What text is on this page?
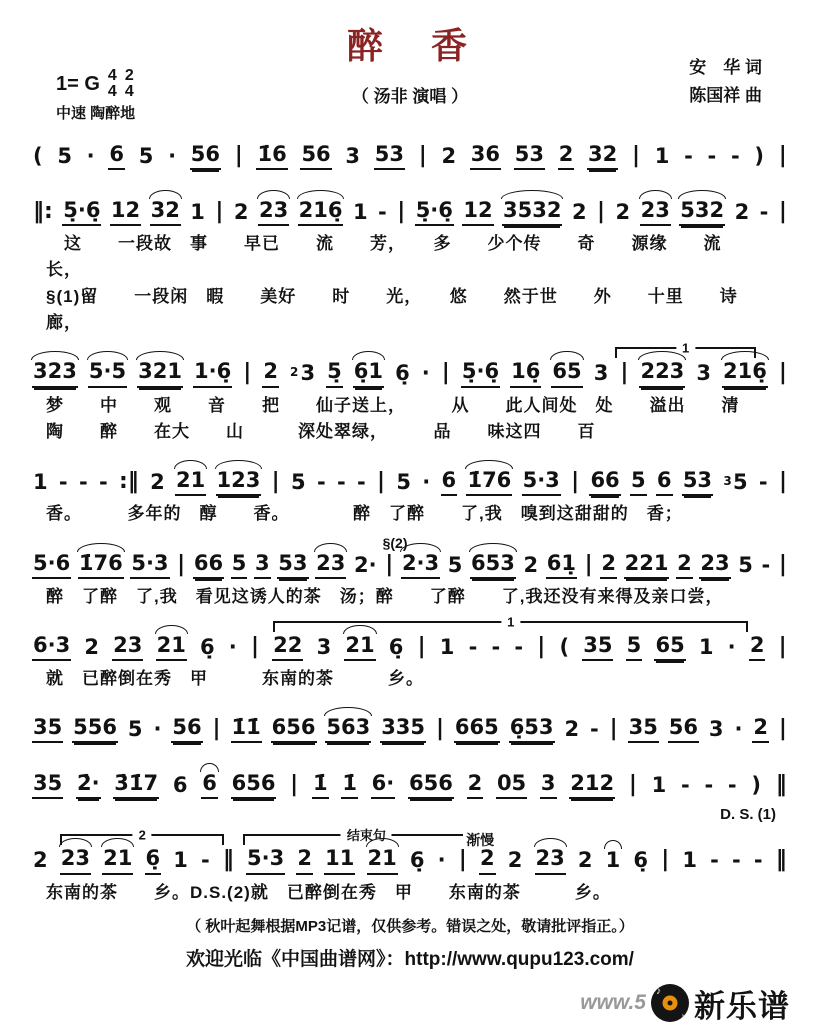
醉　香
安　华 词
陈国祥 曲
1= G 4
4
2
4	（ 汤非 演唱 ）
中速 陶醉地
( 5 · 6 5 · 56 | 1̇6 56 3 53 | 2 36 53 2 32 | 1 - - - ) |
‖: 5̣·6̣ 12 32 1 | 2 23 216̣ 1 - | 5̣·6̣ 12 3532 2 | 2 23 532 2 - |
　这　　一段故　事　　早已　　流　　芳，　　多　　少个传　　奇　　源缘　　流　　长，
§(1)留　　一段闲　暇　　美好　　时　　光，　　悠　　然于世　　外　　十里　　诗　　廊，
1
323 5·5 321 1·6̣ | 2 2 3 5̣ 6̣1 6̣ · | 5̣·6̣ 16̣ 65 3 | 223 3 216̣ |
梦　　中　　观　　音　　把　　仙子送上，　　　从　　此人间处　处　　溢出　　清
陶　　醉　　在大　　山　　　深处翠绿，　　　品　　味这四　　百
1 - - - :‖ 2 21 123 | 5 - - - | 5 · 6 1̇76 5·3 | 66 5 6 53 3 5 - |
香。　　　多年的　醇　　香。　　　　醉　了醉　　了,我　嗅到这甜甜的　香；
§(2)
5·6 1̇76 5·3 | 66 5 3 53 23 2· | 2·3 5 653 2 61̣ | 2 221 2 23 5 - |
醉　了醉　了,我　看见这诱人的茶　汤；醉　　了醉　　了,我还没有来得及亲口尝，
1
6·3 2 23 21 6̣ · | 22 3 21 6̣ | 1 - - - | ( 35 5 65 1 · 2 |
就　已醉倒在秀　甲　　　东南的茶　　　乡。
35 556 5 · 56 | 1̇1̇ 656 563 335 | 665 6̣53 2 - | 35 56 3 · 2 |
35 2̇· 3̇1̇7 6 6 656 | 1̇ 1̇ 6· 656 2 05 3 212 | 1 - - - ) ‖
D. S. (1)
2	结束句	渐慢
2 23 21 6̣ 1 - ‖ 5·3 2 11 21 6̣ · | 2 2 23 2 1 6̣ | 1 - - - ‖
东南的茶　　乡。D.S.(2)就　已醉倒在秀　甲　　东南的茶　　　乡。
（ 秋叶起舞根据MP3记谱，仅供参考。错误之处，敬请批评指正。）
欢迎光临《中国曲谱网》：http://www.qupu123.com/
www.5 ♪
♪ 新乐谱
